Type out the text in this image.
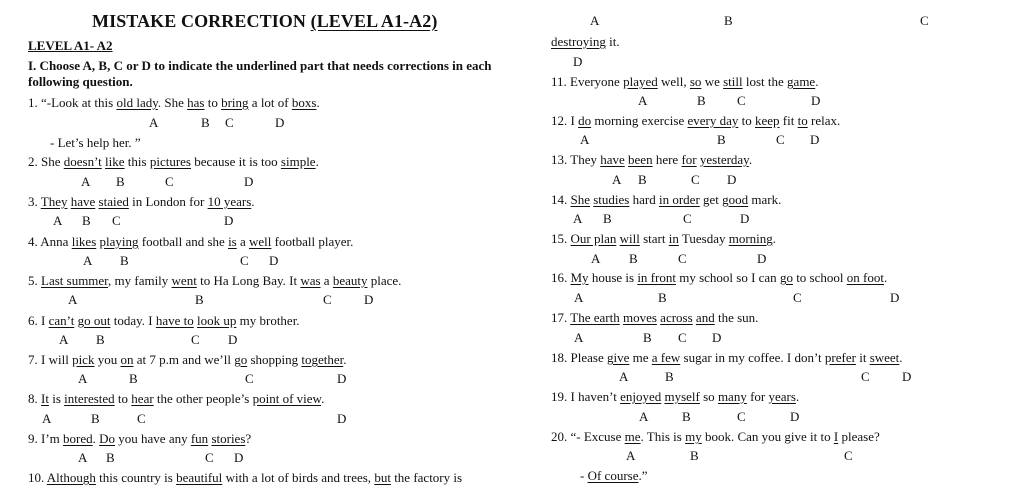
MISTAKE CORRECTION (LEVEL A1-A2)
LEVEL A1- A2
I. Choose A, B, C or D to indicate the underlined part that needs corrections in each following question.
1. “-Look at this old lady. She has to bring a lot of boxs.
A	B C	D
- Let’s help her. ”
2. She doesn’t like this pictures because it is too simple.
A B	C	D
3. They have staied in London for 10 years.
A B C	D
4. Anna likes playing football and she is a well football player.
A B	C D
5. Last summer, my family went to Ha Long Bay. It was a beauty place.
A	B	C D
6. I can’t go out today. I have to look up my brother.
A B	C D
7. I will pick you on at 7 p.m and we’ll go shopping together.
A	B	C	D
8. It is interested to hear the other people’s point of view.
A	B	C	D
9. I’m bored. Do you have any fun stories?
A B	C D
10. Although this country is beautiful with a lot of birds and trees, but the factory is
A	B	C
destroying it.
D
11. Everyone played well, so we still lost the game.
A	B C	D
12. I do morning exercise every day to keep fit to relax.
A	B	C D
13. They have been here for yesterday.
A B	C D
14. She studies hard in order get good mark.
A B	C	D
15. Our plan will start in Tuesday morning.
A B	C	D
16. My house is in front my school so I can go to school on foot.
A	B	C	D
17. The earth moves across and the sun.
A	B C D
18. Please give me a few sugar in my coffee. I don’t prefer it sweet.
A	B	C D
19. I haven’t enjoyed myself so many for years.
A	B	C	D
20. “- Excuse me. This is my book. Can you give it to I please?
A	B	C
- Of course.”
